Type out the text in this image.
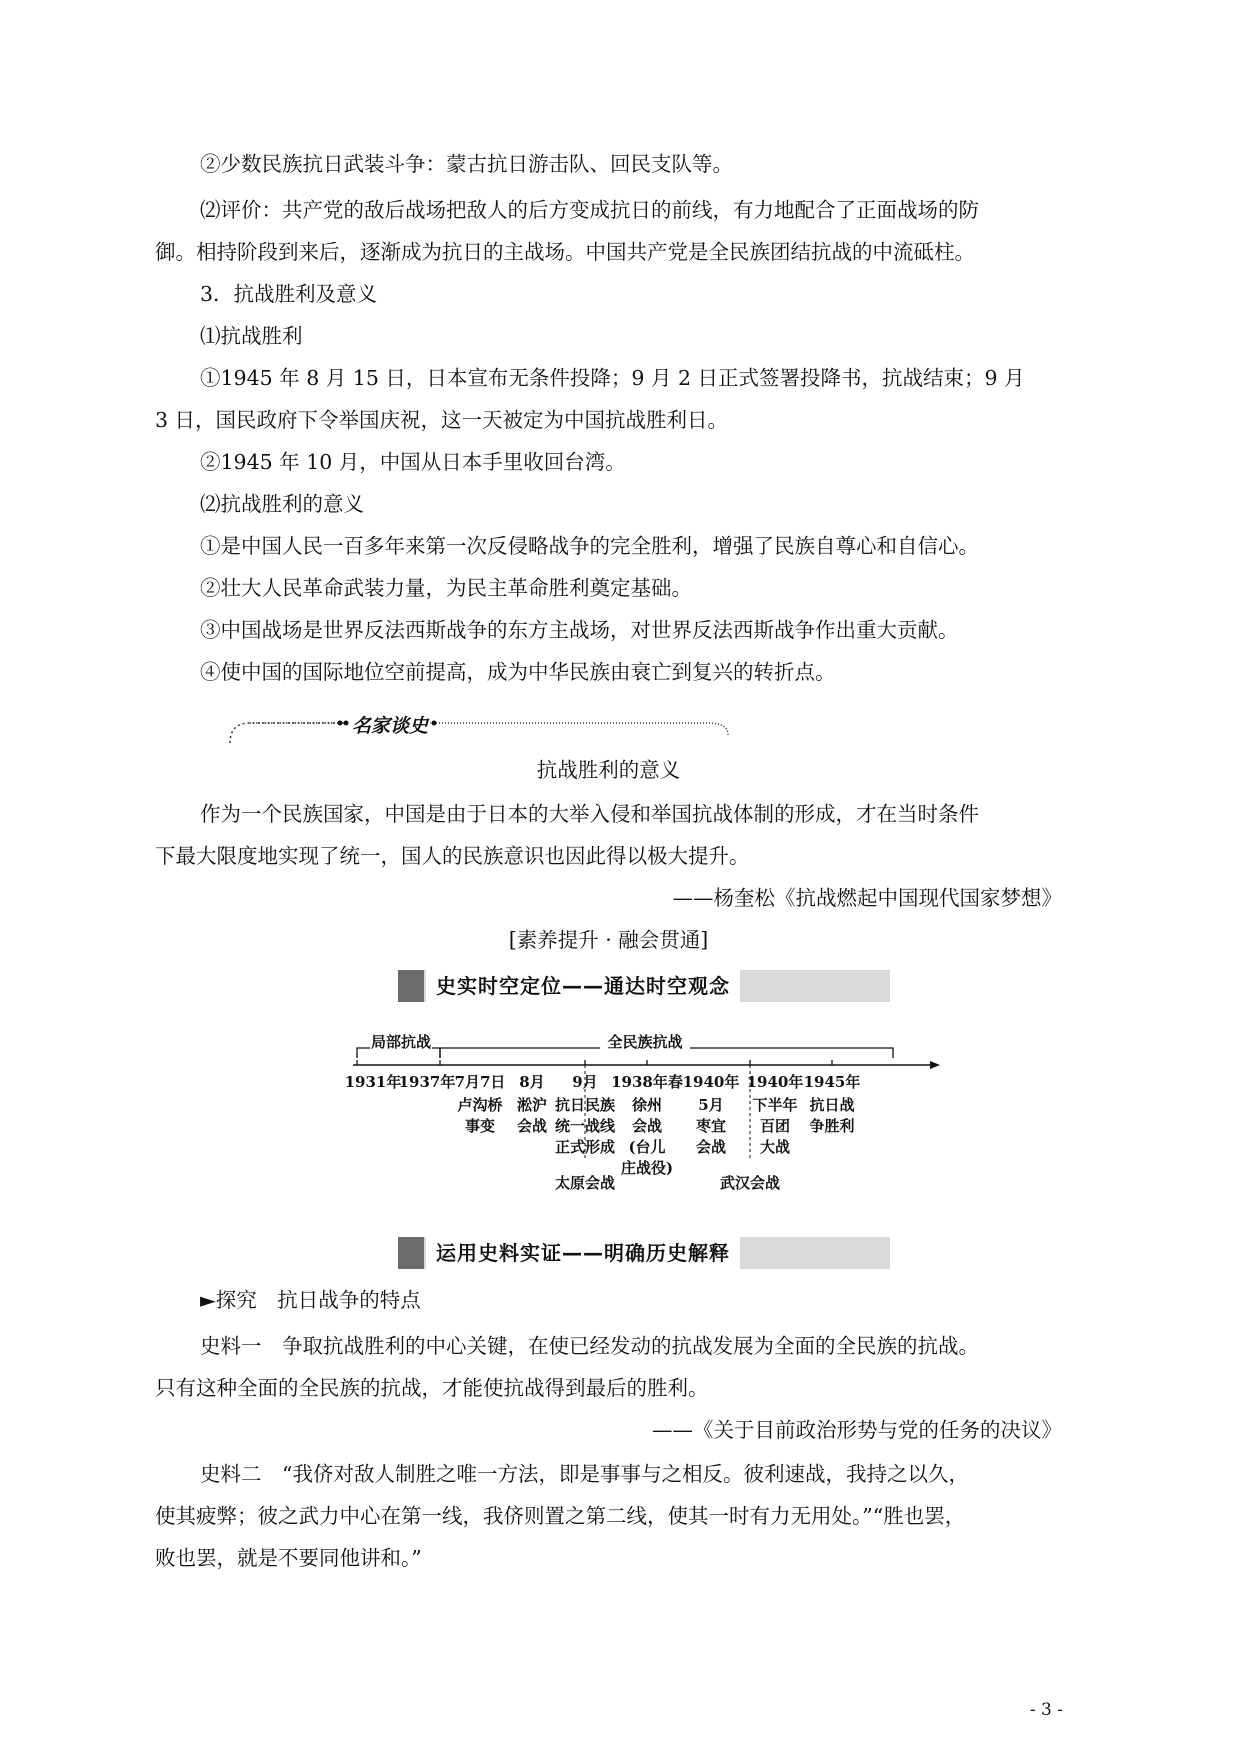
②少数民族抗日武装斗争：蒙古抗日游击队、回民支队等。

⑵评价：共产党的敌后战场把敌人的后方变成抗日的前线，有力地配合了正面战场的防

御。相持阶段到来后，逐渐成为抗日的主战场。中国共产党是全民族团结抗战的中流砥柱。

3．抗战胜利及意义

⑴抗战胜利

①1945 年 8 月 15 日，日本宣布无条件投降；9 月 2 日正式签署投降书，抗战结束；9 月

3 日，国民政府下令举国庆祝，这一天被定为中国抗战胜利日。

②1945 年 10 月，中国从日本手里收回台湾。

⑵抗战胜利的意义

①是中国人民一百多年来第一次反侵略战争的完全胜利，增强了民族自尊心和自信心。

②壮大人民革命武装力量，为民主革命胜利奠定基础。

③中国战场是世界反法西斯战争的东方主战场，对世界反法西斯战争作出重大贡献。

④使中国的国际地位空前提高，成为中华民族由衰亡到复兴的转折点。

名家谈史

抗战胜利的意义

作为一个民族国家，中国是由于日本的大举入侵和举国抗战体制的形成，才在当时条件

下最大限度地实现了统一，国人的民族意识也因此得以极大提升。

——杨奎松《抗战燃起中国现代国家梦想》

[素养提升 · 融会贯通]

史实时空定位——通达时空观念
局部抗战	全民族抗战
1931年
1937年 7月7日 8月 9月 1938年春 1940年 1940年 1945年
卢沟桥
事变
淞沪
会战
抗日民族
统一战线
正式形成
徐州
会战
(台儿
庄战役)
5月
枣宜
会战
下半年
百团
大战
抗日战
争胜利
太原会战	武汉会战
运用史料实证——明确历史解释

►探究　抗日战争的特点

史料一　争取抗战胜利的中心关键，在使已经发动的抗战发展为全面的全民族的抗战。

只有这种全面的全民族的抗战，才能使抗战得到最后的胜利。

——《关于目前政治形势与党的任务的决议》

史料二　“我侪对敌人制胜之唯一方法，即是事事与之相反。彼利速战，我持之以久，

使其疲弊；彼之武力中心在第一线，我侪则置之第二线，使其一时有力无用处。”“胜也罢，

败也罢，就是不要同他讲和。”

- 3 -
